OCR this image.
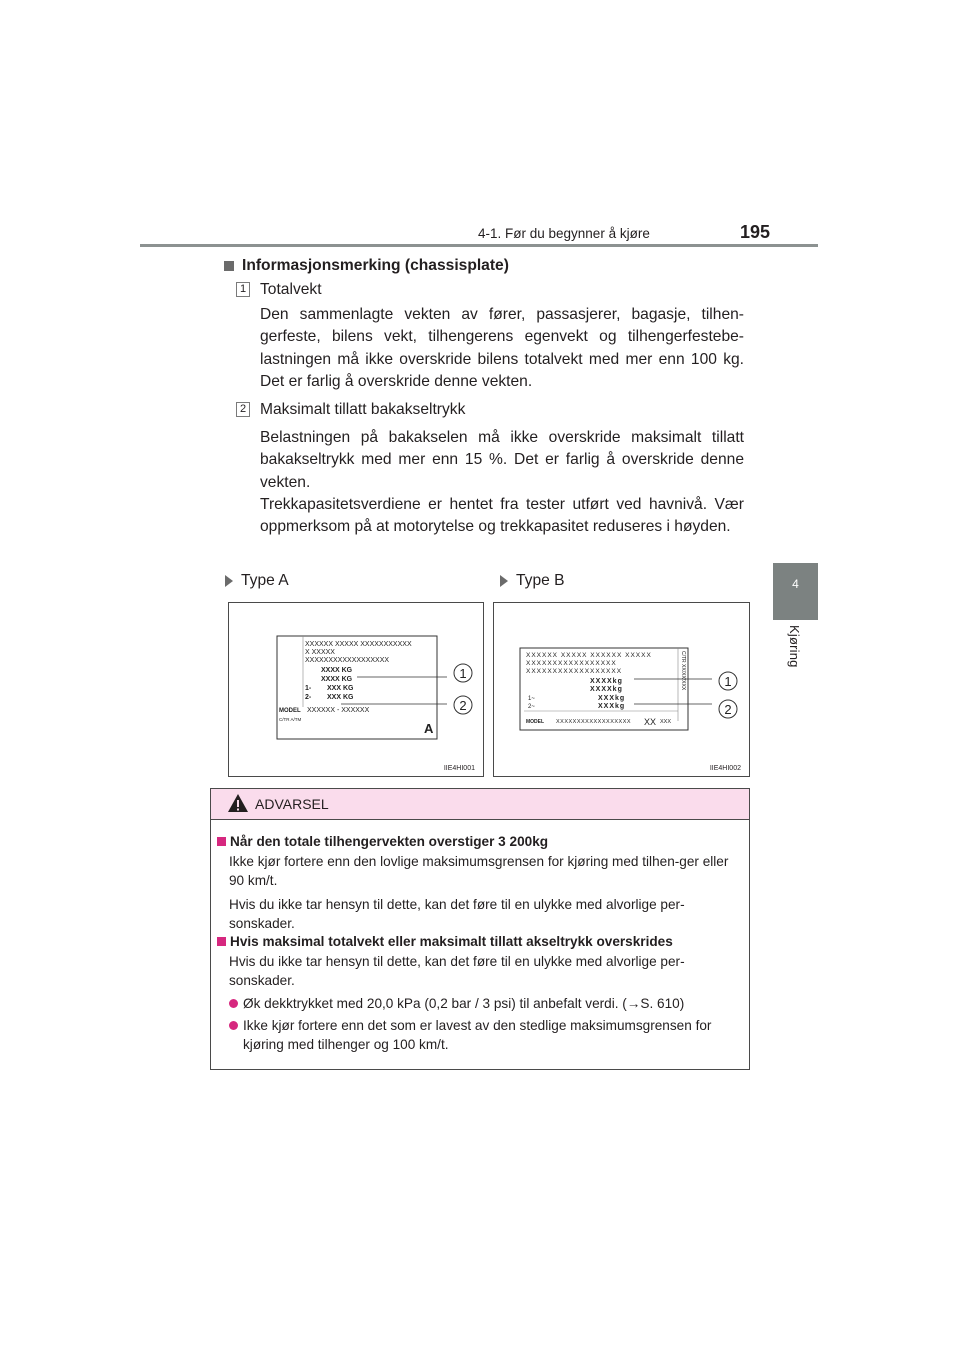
4-1. Før du begynner å kjøre	195
4
Kjøring
Informasjonsmerking (chassisplate)
1 Totalvekt
Den sammenlagte vekten av fører, passasjerer, bagasje, tilhen-gerfeste, bilens vekt, tilhengerens egenvekt og tilhengerfestebe-lastningen må ikke overskride bilens totalvekt med mer enn 100 kg. Det er farlig å overskride denne vekten.
2 Maksimalt tillatt bakakseltrykk
Belastningen på bakakselen må ikke overskride maksimalt tillatt bakakseltrykk med mer enn 15 %. Det er farlig å overskride denne vekten.
Trekkapasitetsverdiene er hentet fra tester utført ved havnivå. Vær oppmerksom på at motorytelse og trekkapasitet reduseres i høyden.
Type A	Type B
XXXXXX XXXXX XXXXXXXXXXX
X XXXXX
XXXXXXXXXXXXXXXXXX
XXXX KG
XXXX KG
1- XXX KG
2- XXX KG
MODEL XXXXXX - XXXXXX
C/TR A/TM
A
1
2
IIE4HI001
XXXXXX XXXXX XXXXXX XXXXX
XXXXXXXXXXXXXXXXX
XXXXXXXXXXXXXXXXXX
XXXXkg
XXXXkg
1~	XXXkg
2~	XXXkg
MODEL XXXXXXXXXXXXXXXXXX XX XXX
C/TR XX/XX/XXX	1
2
IIE4HI002
ADVARSEL
Når den totale tilhengervekten overstiger 3 200kg
Ikke kjør fortere enn den lovlige maksimumsgrensen for kjøring med tilhen-ger eller 90 km/t.
Hvis du ikke tar hensyn til dette, kan det føre til en ulykke med alvorlige per-sonskader.
Hvis maksimal totalvekt eller maksimalt tillatt akseltrykk overskrides
Hvis du ikke tar hensyn til dette, kan det føre til en ulykke med alvorlige per-sonskader.
Øk dekktrykket med 20,0 kPa (0,2 bar / 3 psi) til anbefalt verdi. (→S. 610)
Ikke kjør fortere enn det som er lavest av den stedlige maksimumsgrensen for kjøring med tilhenger og 100 km/t.
